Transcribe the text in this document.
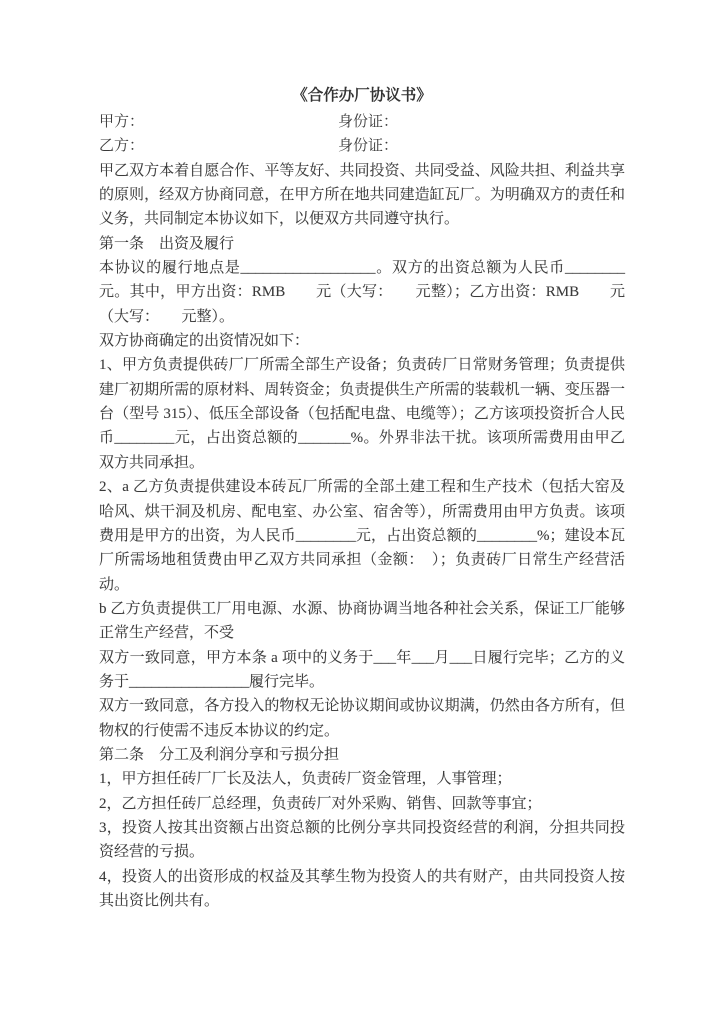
《合作办厂协议书》
甲方：	身份证：
乙方：	身份证：

甲乙双方本着自愿合作、平等友好、共同投资、共同受益、风险共担、利益共享的原则，经双方协商同意，在甲方所在地共同建造缸瓦厂。为明确双方的责任和义务，共同制定本协议如下，以便双方共同遵守执行。

第一条　出资及履行

本协议的履行地点是__________________。双方的出资总额为人民币________元。其中，甲方出资：RMB　　元（大写：　　元整）；乙方出资：RMB　　元（大写：　　元整）。

双方协商确定的出资情况如下：

1、甲方负责提供砖厂厂所需全部生产设备；负责砖厂日常财务管理；负责提供建厂初期所需的原材料、周转资金；负责提供生产所需的装载机一辆、变压器一台（型号 315）、低压全部设备（包括配电盘、电缆等）；乙方该项投资折合人民币________元，占出资总额的_______%。外界非法干扰。该项所需费用由甲乙双方共同承担。

2、a 乙方负责提供建设本砖瓦厂所需的全部土建工程和生产技术（包括大窑及哈风、烘干洞及机房、配电室、办公室、宿舍等），所需费用由甲方负责。该项费用是甲方的出资，为人民币________元，占出资总额的________%；建设本瓦厂所需场地租赁费由甲乙双方共同承担（金额：　）；负责砖厂日常生产经营活动。

b 乙方负责提供工厂用电源、水源、协商协调当地各种社会关系，保证工厂能够正常生产经营，不受

双方一致同意，甲方本条 a 项中的义务于___年___月___日履行完毕；乙方的义务于________________履行完毕。

双方一致同意，各方投入的物权无论协议期间或协议期满，仍然由各方所有，但物权的行使需不违反本协议的约定。

第二条　分工及利润分享和亏损分担

1，甲方担任砖厂厂长及法人，负责砖厂资金管理，人事管理；

2，乙方担任砖厂总经理，负责砖厂对外采购、销售、回款等事宜；

3，投资人按其出资额占出资总额的比例分享共同投资经营的利润，分担共同投资经营的亏损。

4，投资人的出资形成的权益及其孳生物为投资人的共有财产，由共同投资人按其出资比例共有。
